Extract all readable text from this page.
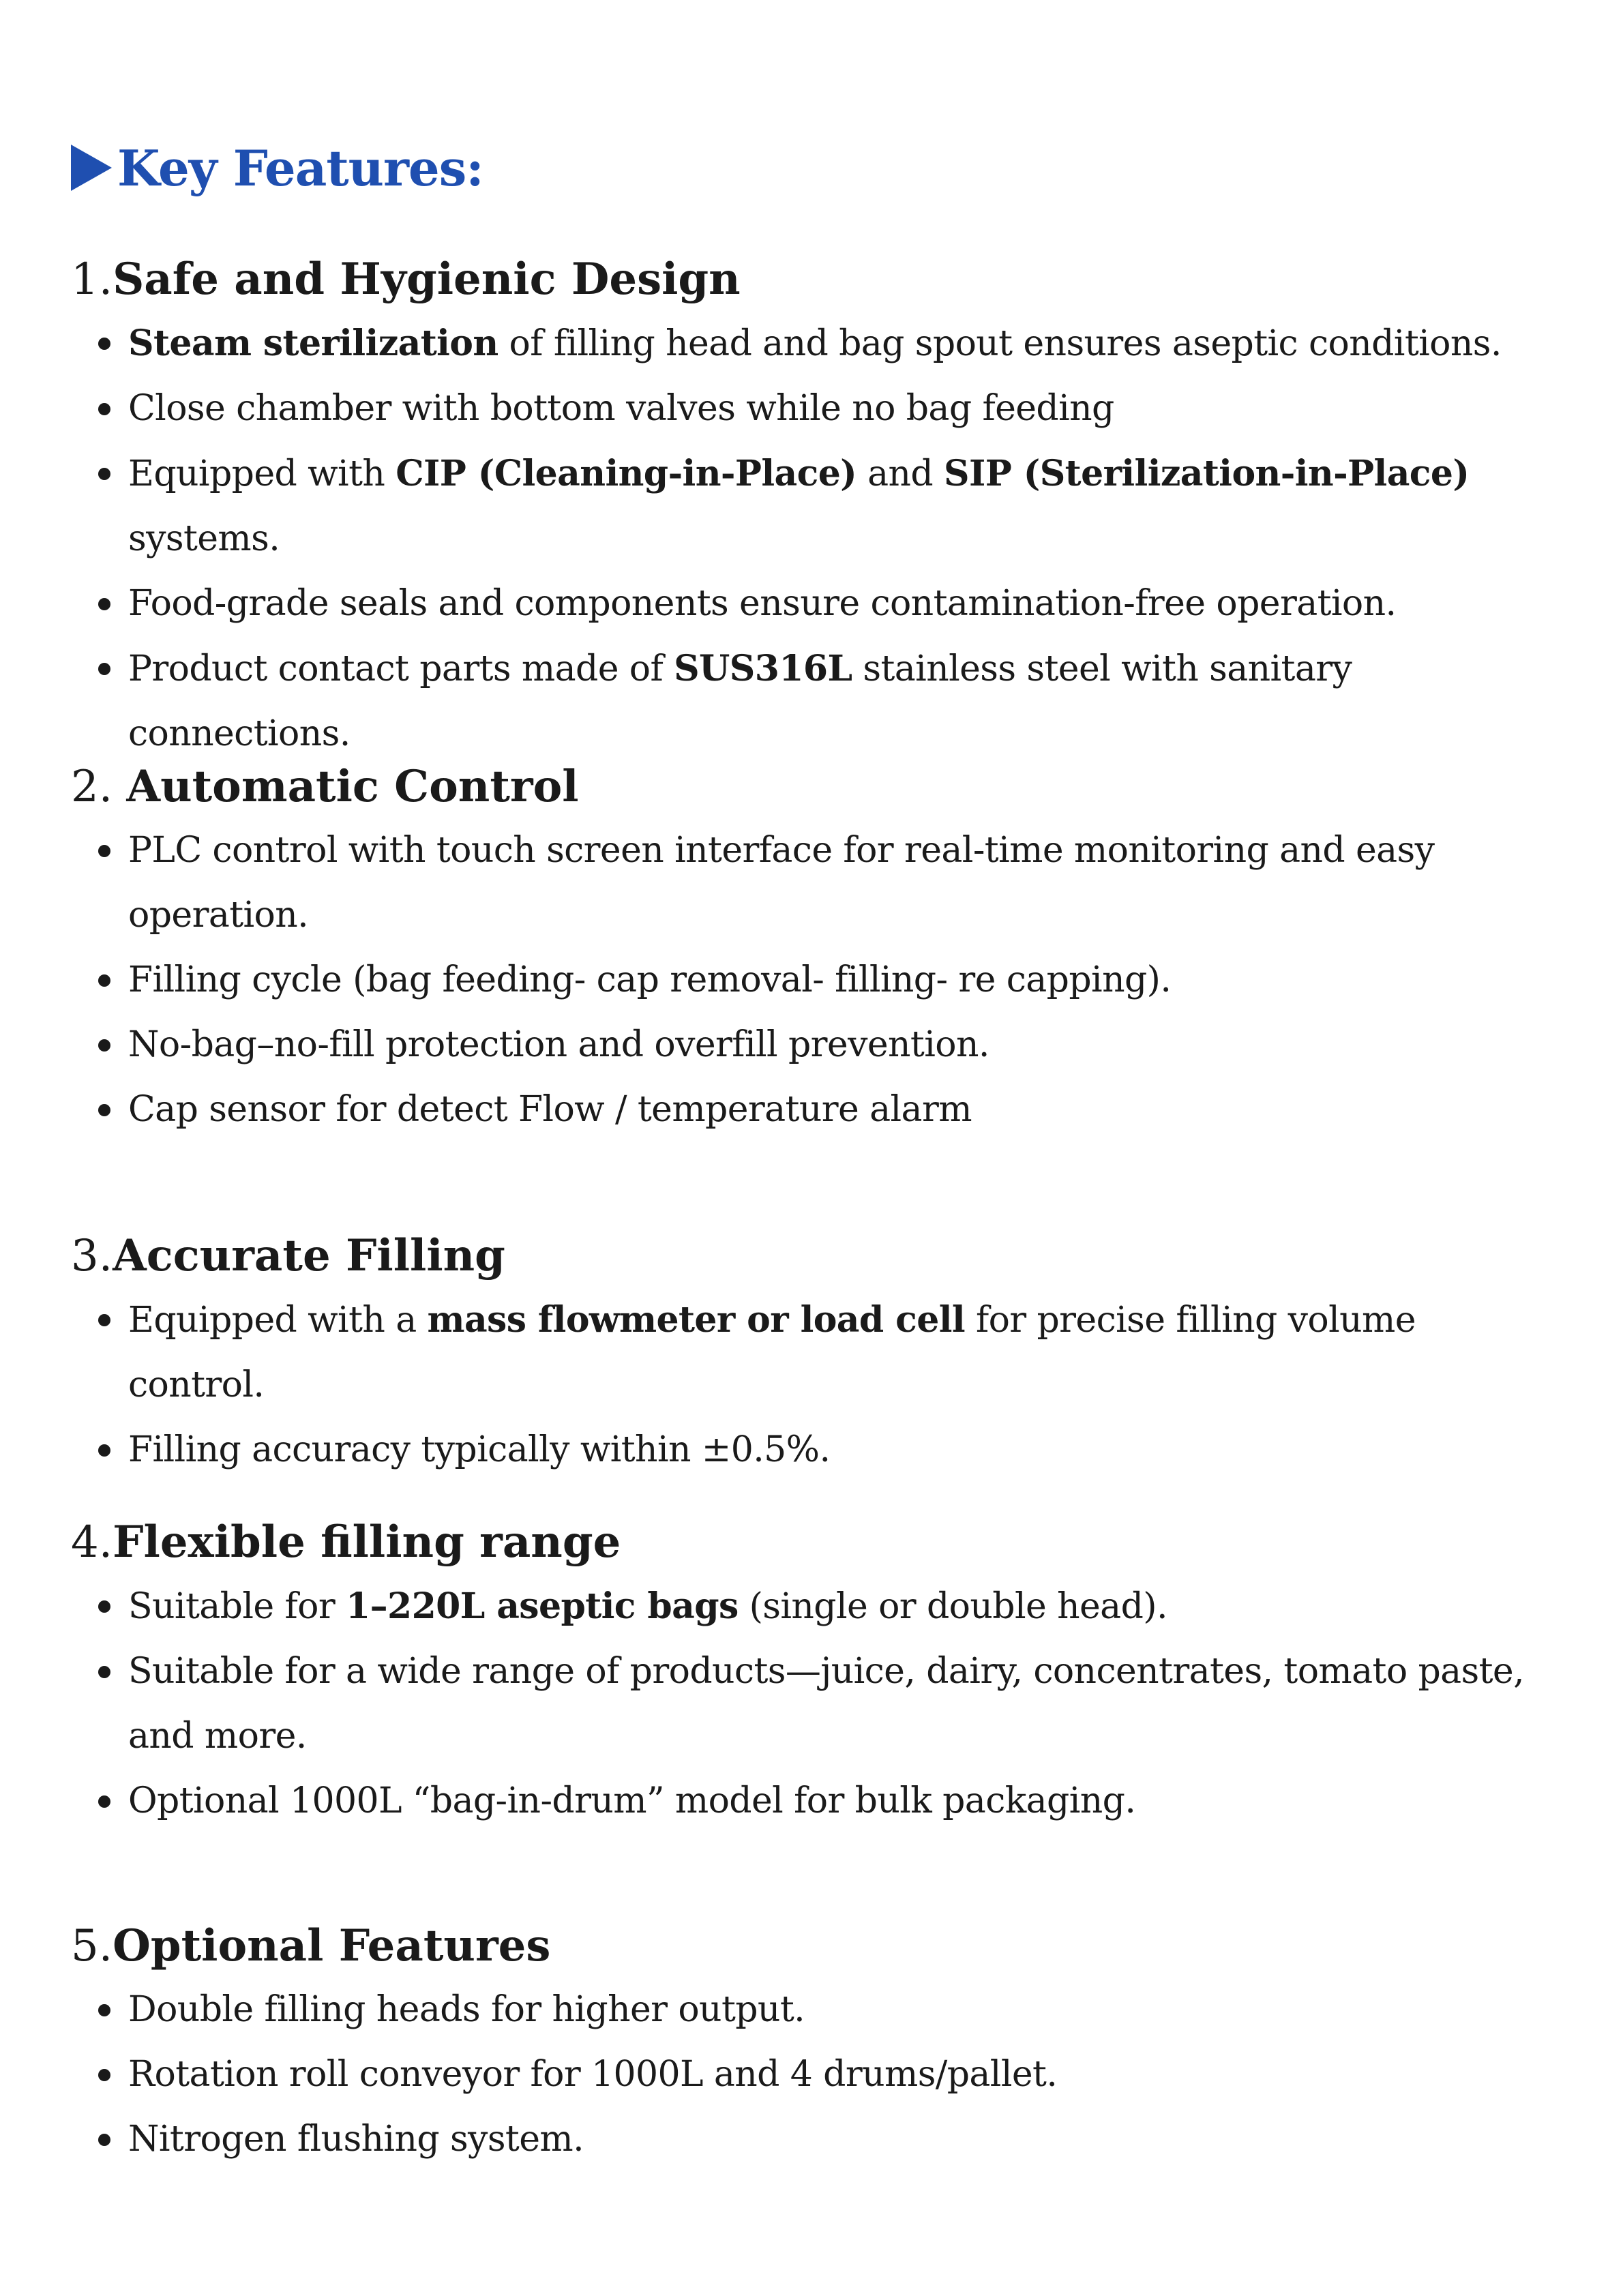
Key Features:
1.Safe and Hygienic Design
Steam sterilization of filling head and bag spout ensures aseptic conditions.
Close chamber with bottom valves while no bag feeding
Equipped with CIP (Cleaning-in-Place) and SIP (Sterilization-in-Place) systems.
Food-grade seals and components ensure contamination-free operation.
Product contact parts made of SUS316L stainless steel with sanitary connections.
2. Automatic Control
PLC control with touch screen interface for real-time monitoring and easy operation.
Filling cycle (bag feeding- cap removal- filling- re capping).
No-bag–no-fill protection and overfill prevention.
Cap sensor for detect Flow / temperature alarm
3.Accurate Filling
Equipped with a mass flowmeter or load cell for precise filling volume control.
Filling accuracy typically within ±0.5%.
4.Flexible filling range
Suitable for 1–220L aseptic bags (single or double head).
Suitable for a wide range of products—juice, dairy, concentrates, tomato paste, and more.
Optional 1000L “bag-in-drum” model for bulk packaging.
5.Optional Features
Double filling heads for higher output.
Rotation roll conveyor for 1000L and 4 drums/pallet.
Nitrogen flushing system.
